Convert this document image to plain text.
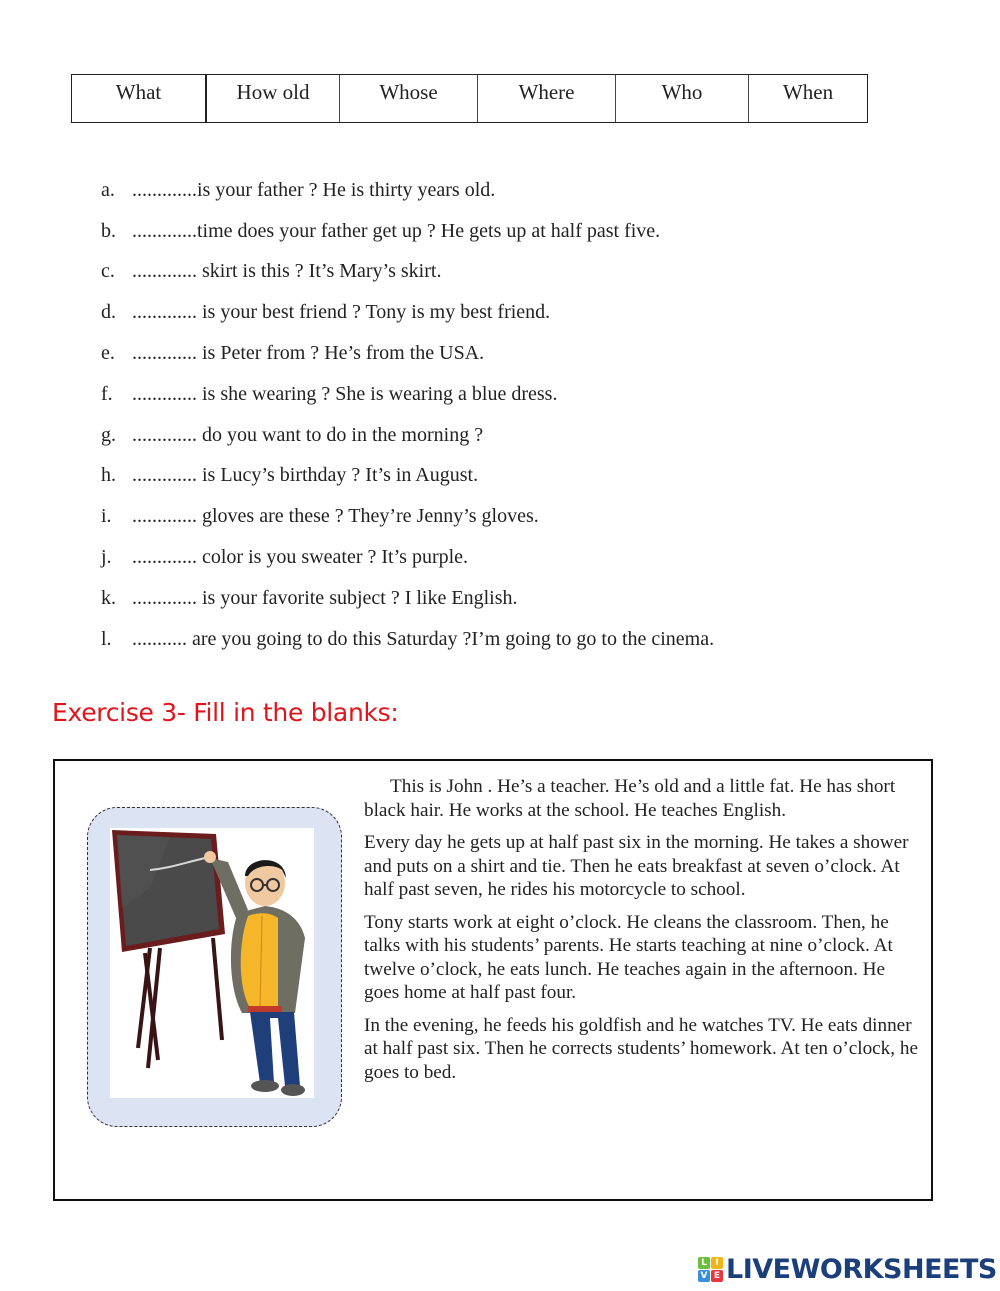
What	How old	Whose	Where	Who	When
a. ............. is your father ? He is thirty years old.
b. ............. time does your father get up ? He gets up at half past five.
c. ............. skirt is this ? It’s Mary’s skirt.
d. ............. is your best friend ? Tony is my best friend.
e. ............. is Peter from ? He’s from the USA.
f. ............. is she wearing ? She is wearing a blue dress.
g. ............. do you want to do in the morning ?
h. ............. is Lucy’s birthday ? It’s in August.
i.	............. gloves are these ? They’re Jenny’s gloves.
j.	............. color is you sweater ? It’s purple.
k. ............. is your favorite subject ? I like English.
l.	........... are you going to do this Saturday ?I’m going to go to the cinema.
Exercise 3- Fill in the blanks:

This is John . He’s a teacher. He’s old and a little fat. He has short black hair. He works at the school. He teaches English.

Every day he gets up at half past six in the morning. He takes a shower and puts on a shirt and tie. Then he eats breakfast at seven o’clock. At half past seven, he rides his motorcycle to school.

Tony starts work at eight o’clock. He cleans the classroom. Then, he talks with his students’ parents. He starts teaching at nine o’clock. At twelve o’clock, he eats lunch. He teaches again in the afternoon. He goes home at half past four.

In the evening, he feeds his goldfish and he watches TV. He eats dinner at half past six. Then he corrects students’ homework. At ten o’clock, he goes to bed.

L I
V E LIVEWORKSHEETS
